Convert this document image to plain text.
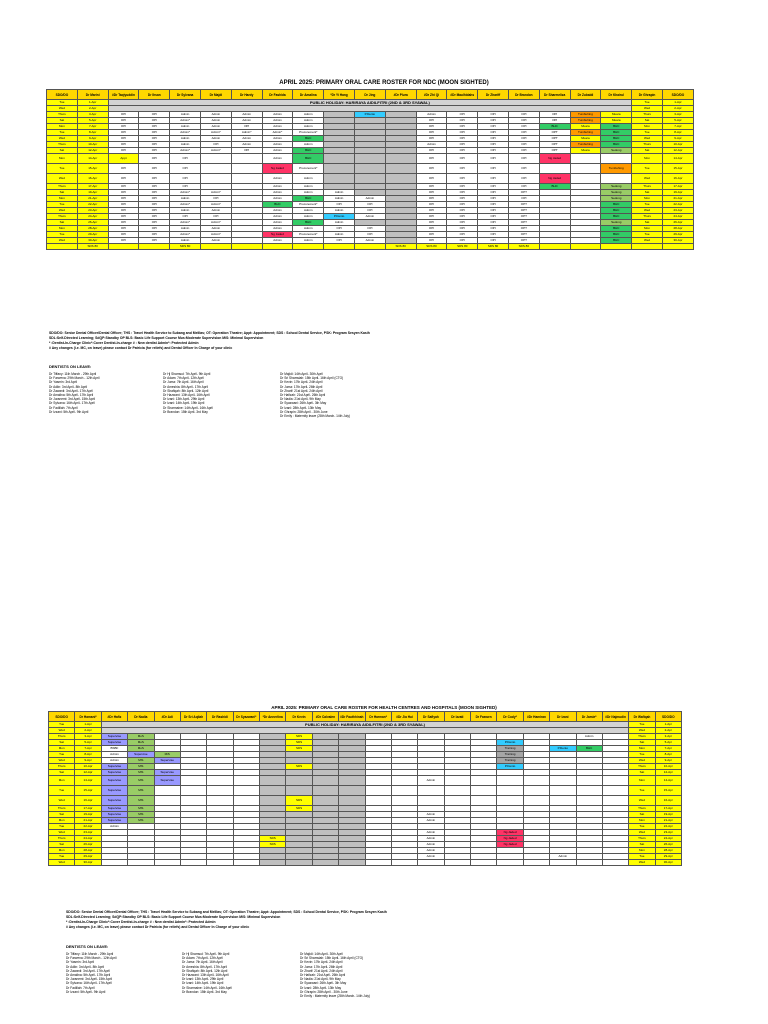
APRIL 2025: PRIMARY ORAL CARE ROSTER FOR NDC (MOON SIGHTED)
SDO/DO	Dr Marini	#Dr Taqiyuddin	Dr Ihsan	Dr Sylvana	Dr Majdi	Dr Hardy	Dr Fashida	Dr Amalina	*Dr Yi Hang	Dr Jing	#Dr Plura	#Dr Zhi Qi	#Dr Maulhidahs	Dr Zhariff	Dr Brandon	Dr Sharmeliza	Dr Zubaidi	Dr Khairul	Dr Ghrapin	SDO/DO
Tue	1-Apr	PUBLIC HOLIDAY: HARIRAYA AIDILFITRI (2ND & 3RD SYAWAL)																	Tue	1-Apr
Wed	2-Apr																		Wed	2-Apr
Thurs	3-Apr	OPI	OPI	Admin	Admin	Admin	Admin	Admin		P.Dento		Admin	OPI	OPI	OPI	OPI	Tumbuhing	Muara	Thurs	3-Apr
Sat	5-Apr	OPI	OPI	Admin*	Admin	Admin	Admin	Admin				OPI	OPI	OPI	OPI	OPI	Tumbuhing	Muara	Sat	5-Apr
Mon	7-Apr	OPI	OPI	Admin	Admin	OPI	Admin	Admin				OPI	OPI	OPI	OPI	BHC	Muara	BHC	Mon	7-Apr
Tue	8-Apr	OPI	OPI	Admin*	Admin*	Admin*	Admin*	Procurement*				OPI	OPI	OPI	OPI	OPT	Tumbuhing	BHC	Tue	8-Apr
Wed	9-Apr	OPI	OPI	Admin	Admin	Admin	Admin	BHC				OPI	OPI	OPI	OPI	OPT	Muara	BHC	Wed	9-Apr
Thurs	10-Apr	OPI	OPI	Admin	OPI	Admin	Admin	Admin				Admin	OPI	OPI	OPI	OPT	Tumbuhing	BHC	Thurs	10-Apr
Sat	12-Apr	OPI	OPI	Admin*	Admin*	OPI	Admin	BHC				OPI	OPI	OPI	OPI	OPT	Muara	Sedong	Sat	12-Apr
Mon	14-Apr	Appt	OPI	OPI			Admin	BHC				OPI	OPI	OPI	OPI	Ng Jaded			Mon	14-Apr
Tue	15-Apr	OPI	OPI	OPI			Ng Jaded	Procurement*				OPI	OPI	OPI	OPI			Tumbuhing	Tue	15-Apr
Wed	16-Apr	OPI	OPI	OPI			Admin	Admin				OPI	OPI	OPI	OPI	Ng Jaded			Wed	16-Apr
Thurs	17-Apr	OPI	OPI	OPI			Admin	Admin				OPI	OPI	OPI	OPI	BHC		Sedong	Thurs	17-Apr
Sat	19-Apr	OPI	OPI	Admin*	Admin*		Admin	Admin	Admin			OPI	OPI	OPI	OPT			Sedong	Sat	19-Apr
Mon	21-Apr	OPI	OPI	Admin	OPI		Admin	BHC	Admin	Admin		OPI	OPI	OPI	OPI			Sedong	Mon	21-Apr
Tue	22-Apr	OPI	OPI	Admin*	Admin*		BHC	Procurement*	OPI	OPI		OPI	OPI	OPI	OPT			BHC	Tue	22-Apr
Wed	23-Apr	OPI	OPI	Admin	Admin		Admin	Admin	Admin	OPI		OPI	OPI	OPI	OPT			BHC	Wed	23-Apr
Thurs	24-Apr	OPI	OPI	OPI	OPI		Admin	Admin	P.Dento	Admin		OPI	OPI	OPI	OPT			BHC	Thurs	24-Apr
Sat	26-Apr	OPI	OPI	Admin*	Admin*		Admin	BHC	Admin			OPI	OPI	OPI	OPT			Sedong	Sat	26-Apr
Mon	28-Apr	OPI	OPI	Admin	Admin		Admin	Admin	OPI	OPI		OPI	OPI	OPI	OPT			BHC	Mon	28-Apr
Tue	29-Apr	OPI	OPI	Admin*	Admin*		Ng Jaded	Procurement*	Admin	OPI		OPI	OPI	OPI	OPT			BHC	Tue	29-Apr
Wed	30-Apr	OPI	OPI	Admin	Admin		Admin	Admin	OPI	Admin		OPI	OPI	OPI	OPT			BHC	Wed	30-Apr
	SDS 80			SDS 80							SDS 80	SDS 80	SDS 80	SDS 80	SDS 80					
SDO/DO: Senior Dental Officer/Dental Officer; THS : Travel Health Service to Subang and Melilas; OT: Operation Theatre; Appt: Appointment; SDS : School Dental Service, PSK: Program Sesyen Kasih
SDL:Self-Directed Learning; SdQP:Standby OP BLS: Basic Life Support Course Mus:Moderate Supervision MiS: Minimal Supervision
* :Dentist-In-Charge Clinic*:Cover Dentist-In-charge # : New dentist Admin*: Protected Admin
# Any changes (i.e. MC, on leave) please contact Dr Patricia (for reliefs) and Dental Officer In Charge of your clinic
DENTISTS ON LEAVE:
Dr Tiffany: 11th March - 29th April
Dr Farwena: 29th March - 12th April
Dr Yasmin: 3rd April
Dr Adlin: 3rd April- 8th April
Dr Zawanii: 3rd April- 17th April
Dr Amalina: 5th April- 17th April
Dr Juranemi: 3rd April- 15th April
Dr Sylvana: 16th April- 17th April
Dr Fadillah: 7th April
Dr Izzani: 5th April- 9th April
Dr Hj Shamsul: 7th April- 9th April
Dr Adam: 7th April- 12th April
Dr Juma: 7th April- 16th April
Dr Ameshia: 8th April- 17th April
Dr Shafiqah: 8th April- 12th April
Dr Hazwani: 13th April- 16th April
Dr Izani: 13th April- 29th April
Dr Izani: 14th April- 19th April
Dr Sharmaine: 14th April- 16th April
Dr Brandon: 15th April- 3rd May
Dr Majidi: 14th April- 30th April
Dr Sri Shamsiah: 15th April- 16th April (CTO)
Dr Kevin: 17th April- 24th April
Dr Juma: 17th April- 26th April
Dr Zharif: 21st April- 24th April
Dr Hafizah: 21st April- 26th April
Dr Nadia: 21st April- 9th May
Dr Syazwani: 26th April- 3th May
Dr Izani: 28th April- 13th May
Dr Ghrapin: 28th April - 30th June
Dr Emily : Maternity leave (28th March- 14th July)
APRIL 2025: PRIMARY ORAL CARE ROSTER FOR HEALTH CENTRES AND HOSPITALS (MOON SIGHTED)
SDO/DO	Dr Hamani*	#Dr Hafiz	Dr Nadia	#Dr Adi	Dr Sri Aqilah	Dr Rashidi	Dr Syazwani*	*Dr Annerlina	Dr Kevin	#Dr Calvalen	#Dr Fauthhinah	Dr Harman*	#Dr Jia Hui	Dr Safiyah	Dr Izzati	Dr Faswen	Dr Cody*	#Dr Hamiran	Dr Izani	Dr Jamie*	#Dr Najmudin	Dr Wafiqah	SDO/DO
Tue	1-Apr	PUBLIC HOLIDAY: HARIRAYA AIDILFITRI (2ND & 3RD SYAWAL)																				Tue	1-Apr
Wed	2-Apr																					Wed	2-Apr
Thurs	3-Apr	Supervise	MoS						SDS											Admin		Thurs	3-Apr
Sat	5-Apr	Supervise	MoS						SDS								P.Dento					Sat	5-Apr
Mon	7-Apr	BSBF	MoS						SDS								Training		P.Dento	BHC		Mon	7-Apr
Tue	8-Apr	Admin	Supervise	MiS													Training					Tue	8-Apr
Wed	9-Apr	Admin	MiS	Supervise													Training					Wed	9-Apr
Thurs	10-Apr	Supervise	MiS						SDS								P.Dento					Thurs	10-Apr
Sat	12-Apr	Supervise	MiS	Supervise																		Sat	12-Apr
Mon	14-Apr	Supervise	MiS	Supervise										Admin								Mon	14-Apr
Tue	15-Apr	Supervise	MiS																			Tue	15-Apr
Wed	16-Apr	Supervise	MiS						SDS													Wed	16-Apr
Thurs	17-Apr	Supervise	MiS						SDS													Thurs	17-Apr
Sat	19-Apr	Supervise	MiS											Admin								Sat	19-Apr
Mon	21-Apr	Supervise	MiS											Admin								Mon	21-Apr
Tue	22-Apr	Admin																				Tue	22-Apr
Wed	23-Apr													Admin			Ng Jaded					Wed	23-Apr
Thurs	24-Apr							SDS						Admin			Ng Jaded					Thurs	24-Apr
Sat	26-Apr							SDS						Admin			Ng Jaded					Sat	26-Apr
Mon	28-Apr													Admin								Mon	28-Apr
Tue	29-Apr													Admin					Admin			Tue	29-Apr
Wed	30-Apr																					Wed	30-Apr
SDO/DO: Senior Dental Officer/Dental Officer; THS : Travel Health Service to Subang and Melilas; OT: Operation Theatre; Appt: Appointment; SDS : School Dental Service, PSK: Program Sesyen Kasih
SDL:Self-Directed Learning; SdQP:Standby OP BLS: Basic Life Support Course Mus:Moderate Supervision MiS: Minimal Supervision
* :Dentist-In-Charge Clinic*:Cover Dentist-In-charge # : New dentist Admin*: Protected Admin
# Any changes (i.e. MC, on leave) please contact Dr Patricia (for reliefs) and Dental Officer In Charge of your clinic
DENTISTS ON LEAVE:
Dr Tiffany: 11th March - 29th April
Dr Farwena: 29th March - 12th April
Dr Yasmin: 3rd April
Dr Adlin: 3rd April- 8th April
Dr Zawanii: 3rd April- 17th April
Dr Amalina: 5th April- 17th April
Dr Juranemi: 3rd April- 15th April
Dr Sylvana: 16th April- 17th April
Dr Fadillah: 7th April
Dr Izzani: 5th April- 9th April
Dr Hj Shamsul: 7th April- 9th April
Dr Adam: 7th April- 12th April
Dr Juma: 7th April- 16th April
Dr Ameshia: 8th April- 17th April
Dr Shafiqah: 8th April- 12th April
Dr Hazwani: 13th April- 16th April
Dr Izani: 13th April- 29th April
Dr Izani: 14th April- 19th April
Dr Sharmaine: 14th April- 16th April
Dr Brandon: 15th April- 3rd May
Dr Majidi: 14th April- 30th April
Dr Sri Shamsiah: 15th April- 16th April (CTO)
Dr Kevin: 17th April- 24th April
Dr Juma: 17th April- 26th April
Dr Zharif: 21st April- 24th April
Dr Hafizah: 21st April- 26th April
Dr Nadia: 21st April- 9th May
Dr Syazwani: 26th April- 3th May
Dr Izani: 28th April- 13th May
Dr Ghrapin: 28th April - 30th June
Dr Emily : Maternity leave (28th March- 14th July)
